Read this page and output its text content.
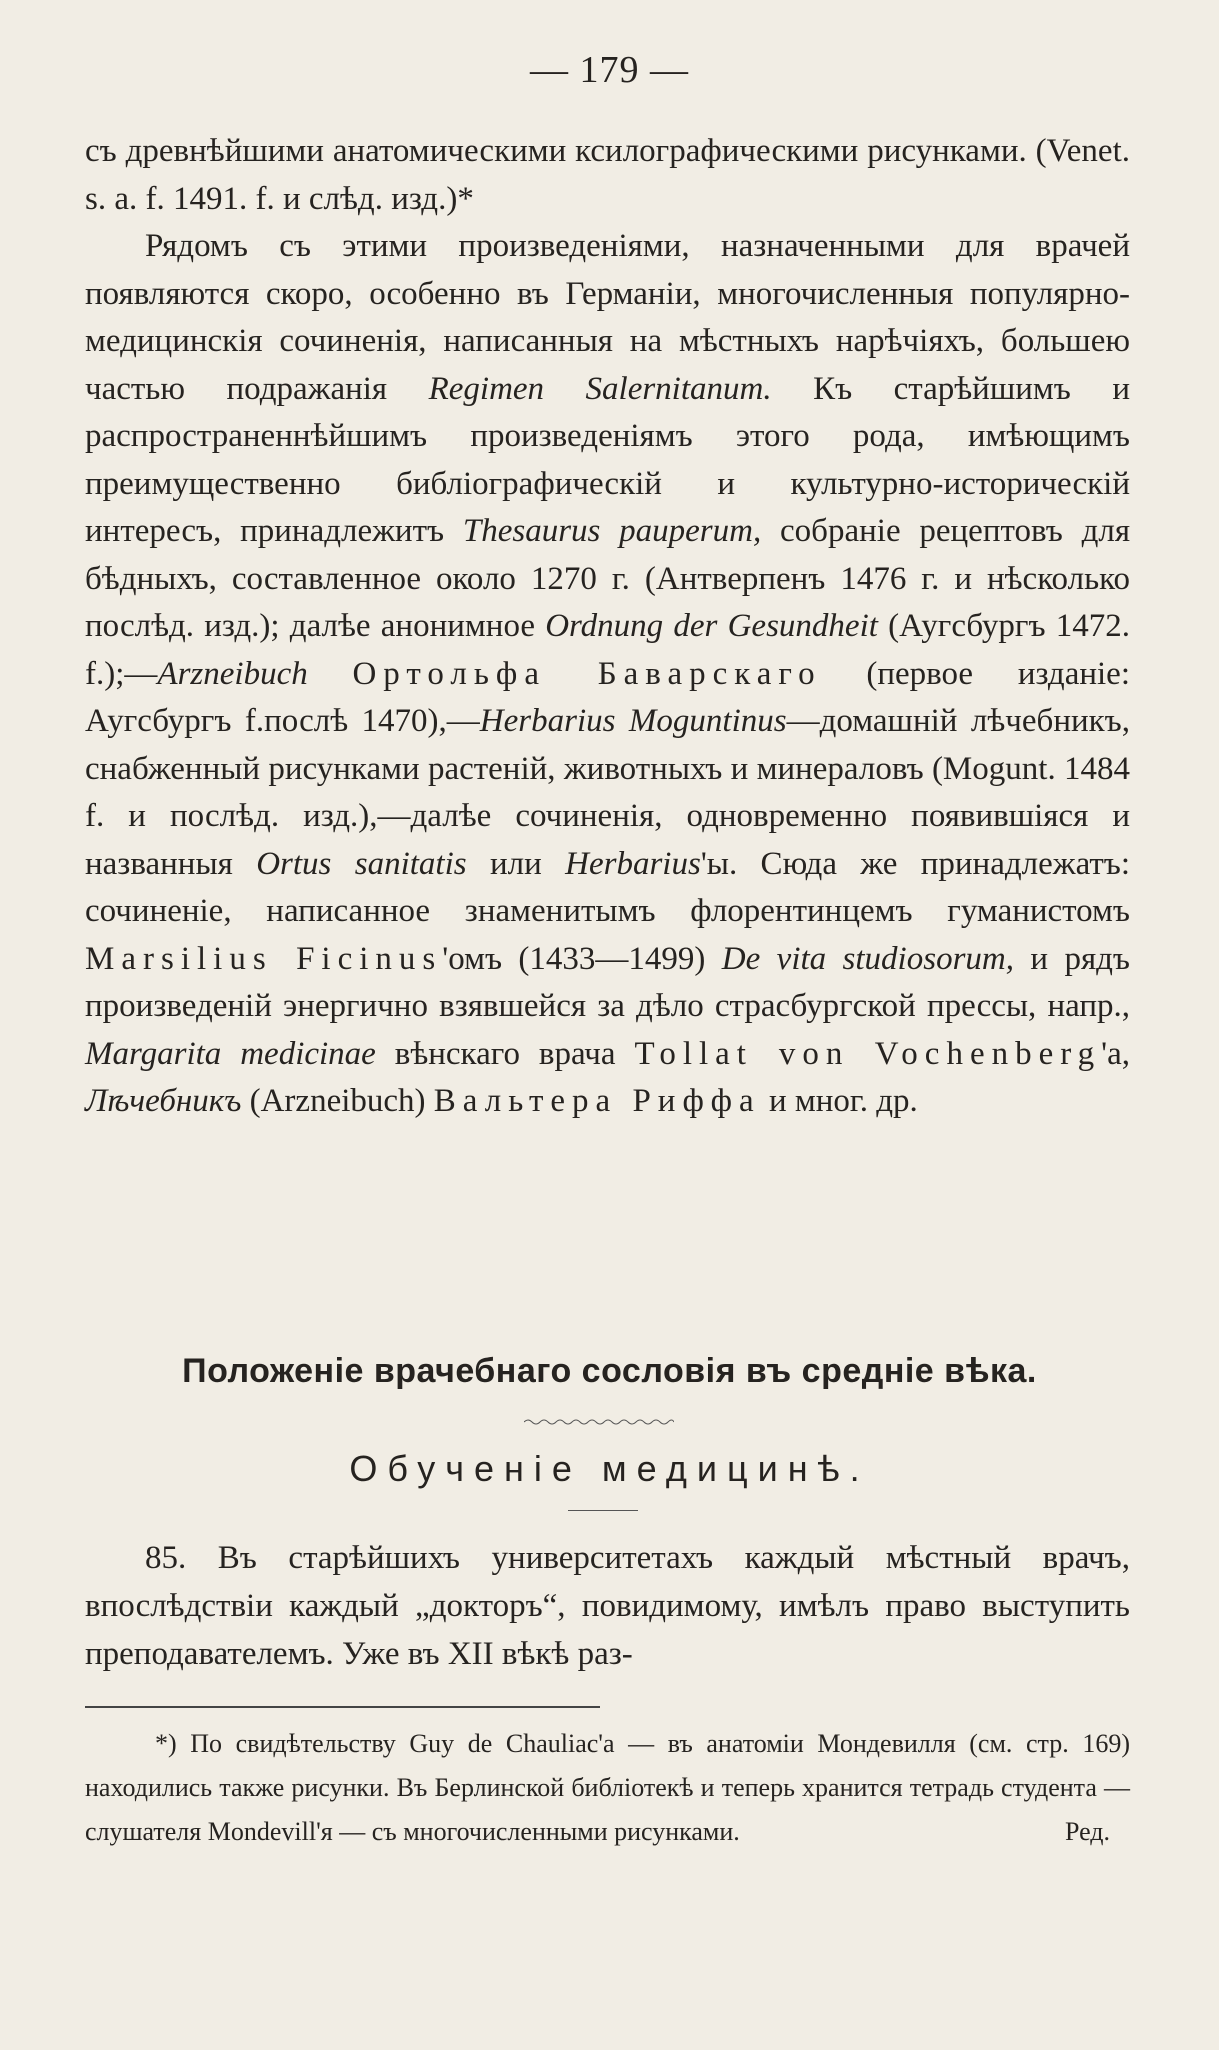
— 179 —

съ древнѣйшими анатомическими ксилографическими рисунками. (Venet. s. a. f. 1491. f. и слѣд. изд.)*

Рядомъ съ этими произведеніями, назначенными для врачей появляются скоро, особенно въ Германіи, многочисленныя популярно-медицинскія сочиненія, написанныя на мѣстныхъ нарѣчіяхъ, большею частью подражанія Regimen Salernitanum. Къ старѣйшимъ и распространеннѣйшимъ произведеніямъ этого рода, имѣющимъ преимущественно библіографическій и культурно-историческій интересъ, принадлежитъ Thesaurus pauperum, собраніе рецептовъ для бѣдныхъ, составленное около 1270 г. (Антверпенъ 1476 г. и нѣсколько послѣд. изд.); далѣе анонимное Ordnung der Gesundheit (Аугсбургъ 1472. f.);—Arzneibuch Ортольфа Баварскаго (первое изданіе: Аугсбургъ f.послѣ 1470),—Herbarius Moguntinus—домашній лѣчебникъ, снабженный рисунками растеній, животныхъ и минераловъ (Mogunt. 1484 f. и послѣд. изд.),—далѣе сочиненія, одновременно появившіяся и названныя Ortus sanitatis или Herbarius'ы. Сюда же принадлежатъ: сочиненіе, написанное знаменитымъ флорентинцемъ гуманистомъ Marsilius Ficinus'омъ (1433—1499) De vita studiosorum, и рядъ произведеній энергично взявшейся за дѣло страсбургской прессы, напр., Margarita medicinae вѣнскаго врача Tollat von Vochenberg'а, Лѣчебникъ (Arzneibuch) Вальтера Риффа и мног. др.

Положеніе врачебнаго сословія въ средніе вѣка.
Обученіе медицинѣ.

85. Въ старѣйшихъ университетахъ каждый мѣстный врачъ, впослѣдствіи каждый „докторъ“, повидимому, имѣлъ право выступить преподавателемъ. Уже въ XII вѣкѣ раз-

*) По свидѣтельству Guy de Chauliac'а — въ анатоміи Мондевилля (см. стр. 169) находились также рисунки. Въ Берлинской библіотекѣ и теперь хранится тетрадь студента — слушателя Mondevill'я — съ многочисленными рисунками.	Ред.
